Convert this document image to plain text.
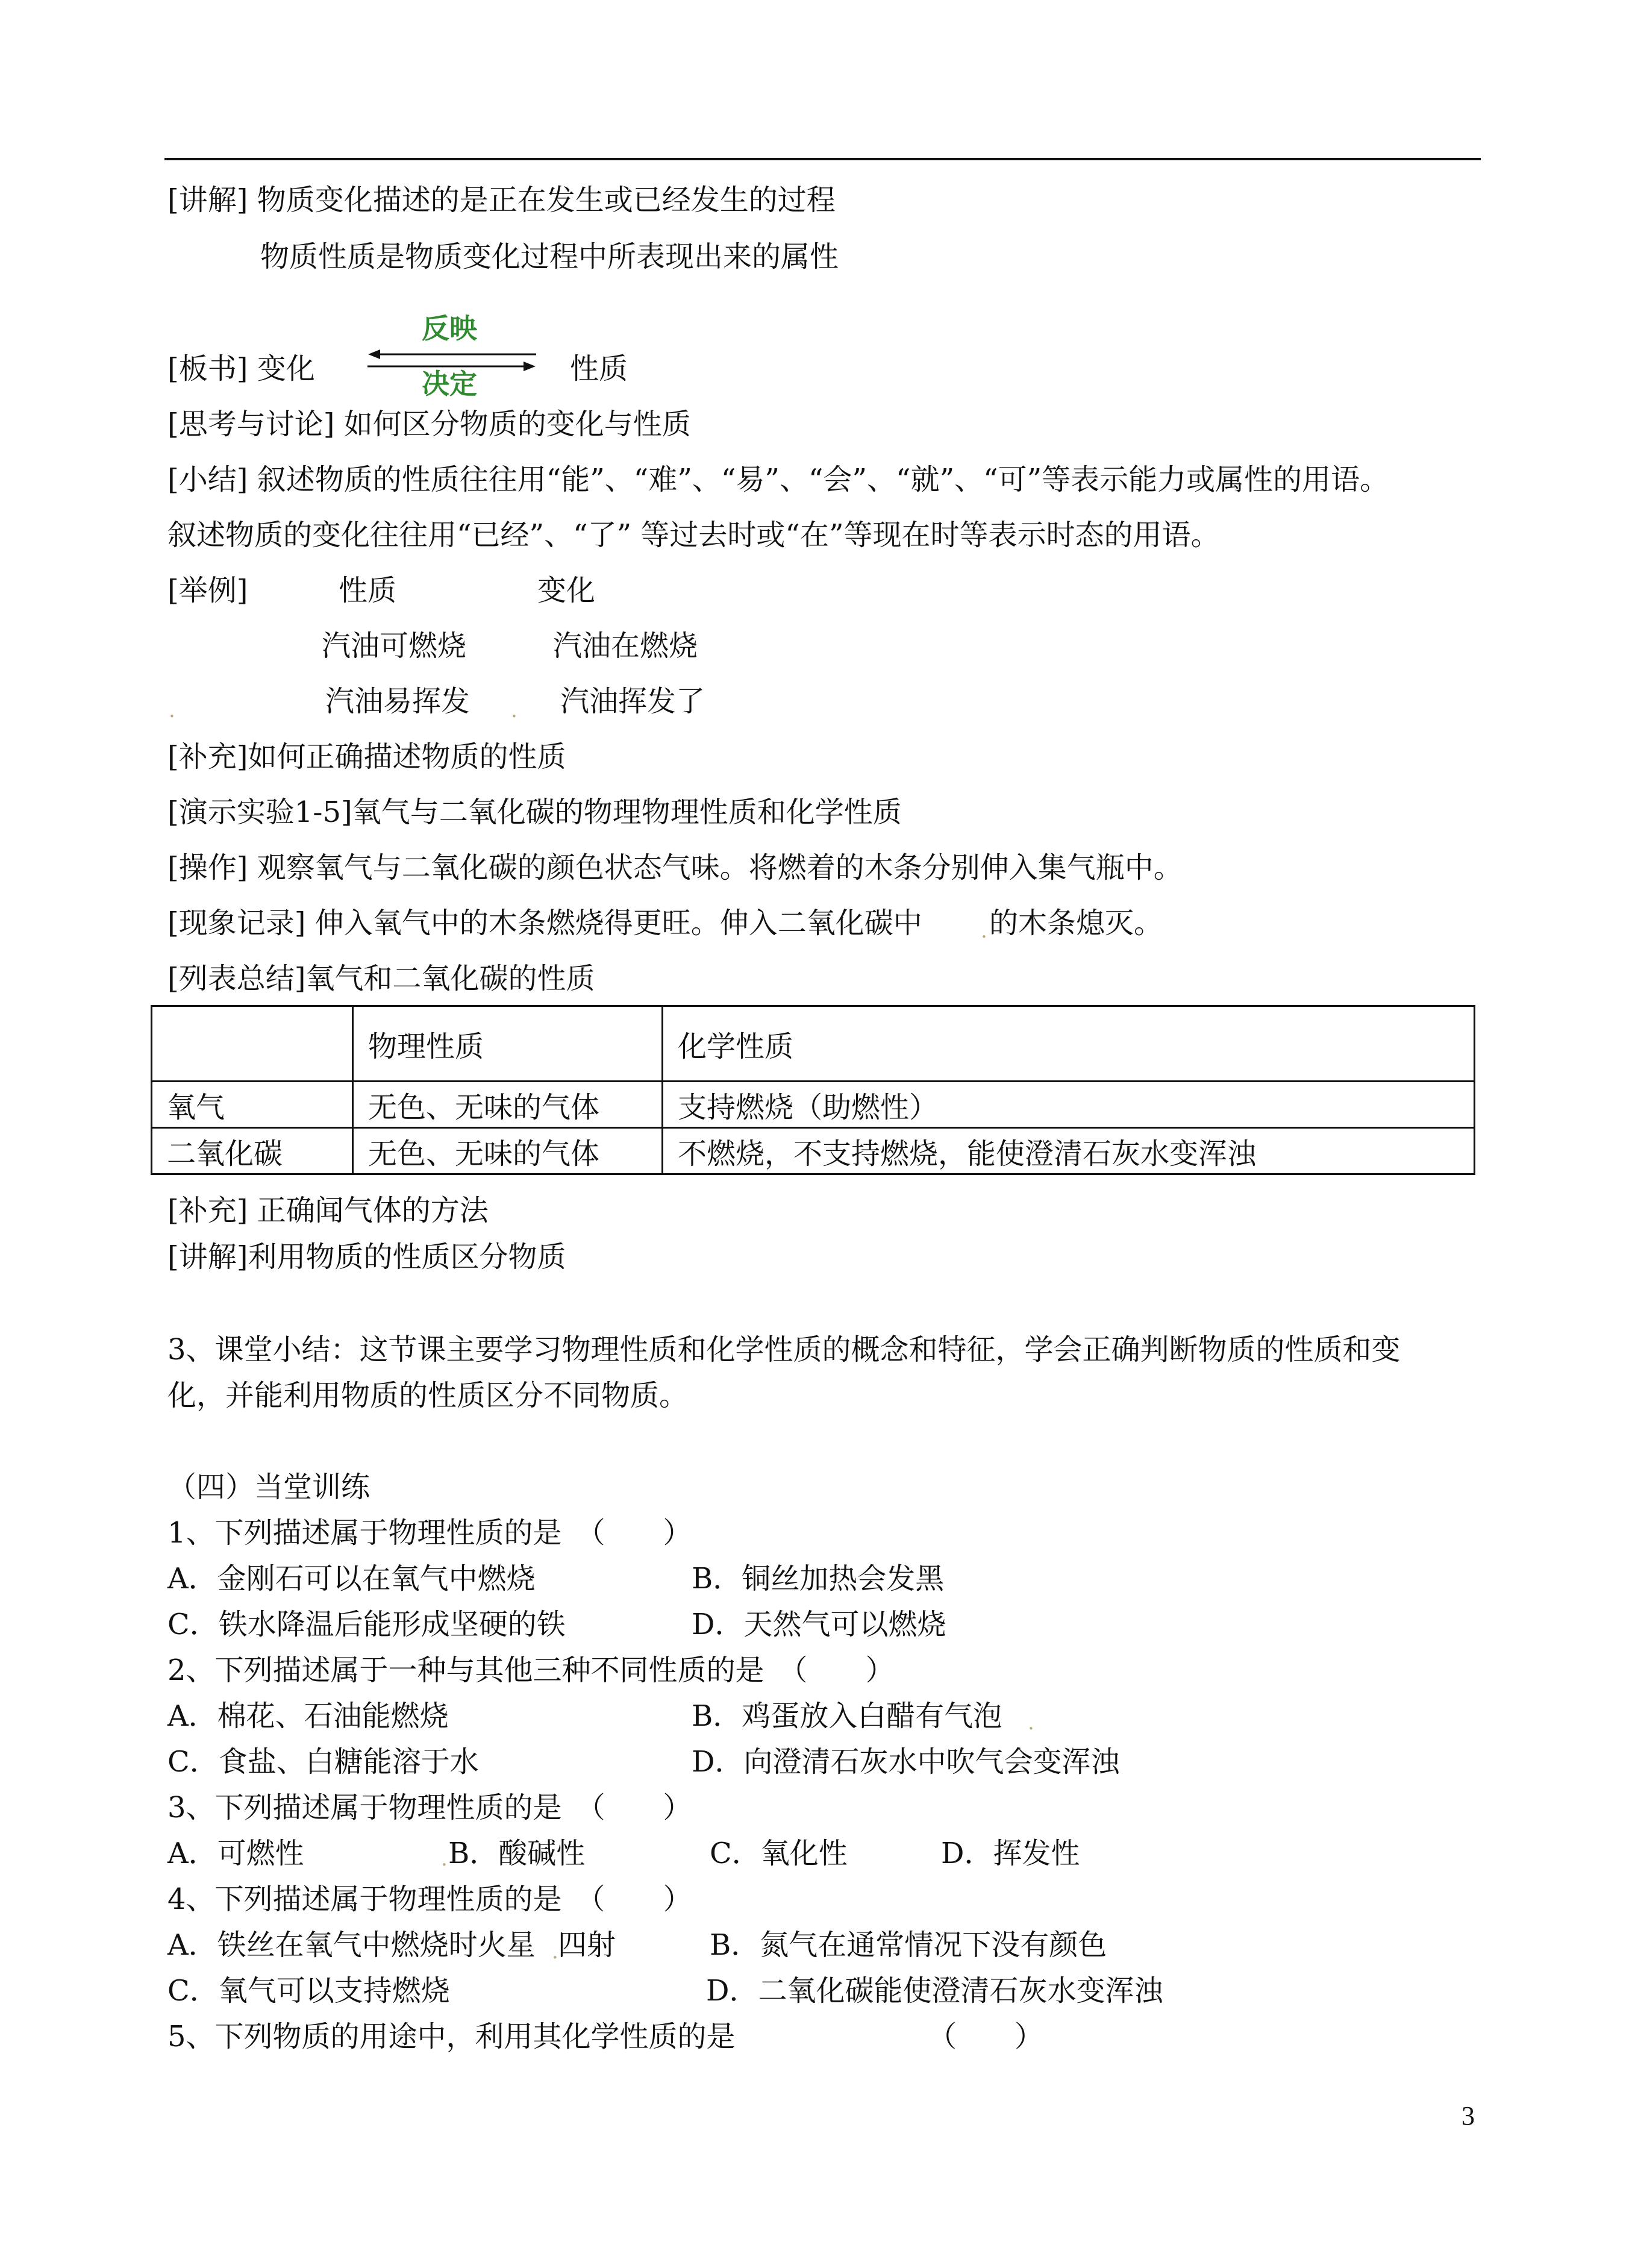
[讲解] 物质变化描述的是正在发生或已经发生的过程
物质性质是物质变化过程中所表现出来的属性
[板书] 变化
反映
决定	性质
[思考与讨论] 如何区分物质的变化与性质
[小结] 叙述物质的性质往往用“能”、“难”、“易”、“会”、“就”、“可”等表示能力或属性的用语。
叙述物质的变化往往用“已经”、“了” 等过去时或“在”等现在时等表示时态的用语。
[举例]	性质	变化
汽油可燃烧	汽油在燃烧
.	汽油易挥发 . 汽油挥发了
[补充]如何正确描述物质的性质
[演示实验1-5]氧气与二氧化碳的物理物理性质和化学性质
[操作] 观察氧气与二氧化碳的颜色状态气味。将燃着的木条分别伸入集气瓶中。
[现象记录] 伸入氧气中的木条燃烧得更旺。伸入二氧化碳中	. 的木条熄灭。
[列表总结]氧气和二氧化碳的性质
	物理性质	化学性质
氧气	无色、无味的气体	支持燃烧（助燃性）
二氧化碳	无色、无味的气体	不燃烧，不支持燃烧，能使澄清石灰水变浑浊
[补充] 正确闻气体的方法
[讲解]利用物质的性质区分物质
3、课堂小结：这节课主要学习物理性质和化学性质的概念和特征，学会正确判断物质的性质和变
化，并能利用物质的性质区分不同物质。
（四）当堂训练
1、下列描述属于物理性质的是　（　　）
A．金刚石可以在氧气中燃烧	B．铜丝加热会发黑
C．铁水降温后能形成坚硬的铁	D．天然气可以燃烧
2、下列描述属于一种与其他三种不同性质的是　（　　）
A．棉花、石油能燃烧	B．鸡蛋放入白醋有气泡 .
C．食盐、白糖能溶于水	D．向澄清石灰水中吹气会变浑浊
3、下列描述属于物理性质的是　（　　）
A．可燃性	. B．酸碱性	C．氧化性	D．挥发性
4、下列描述属于物理性质的是　（　　）
A．铁丝在氧气中燃烧时火星 . 四射	B．氮气在通常情况下没有颜色
C．氧气可以支持燃烧	D．二氧化碳能使澄清石灰水变浑浊
5、下列物质的用途中，利用其化学性质的是	（　　）
3
